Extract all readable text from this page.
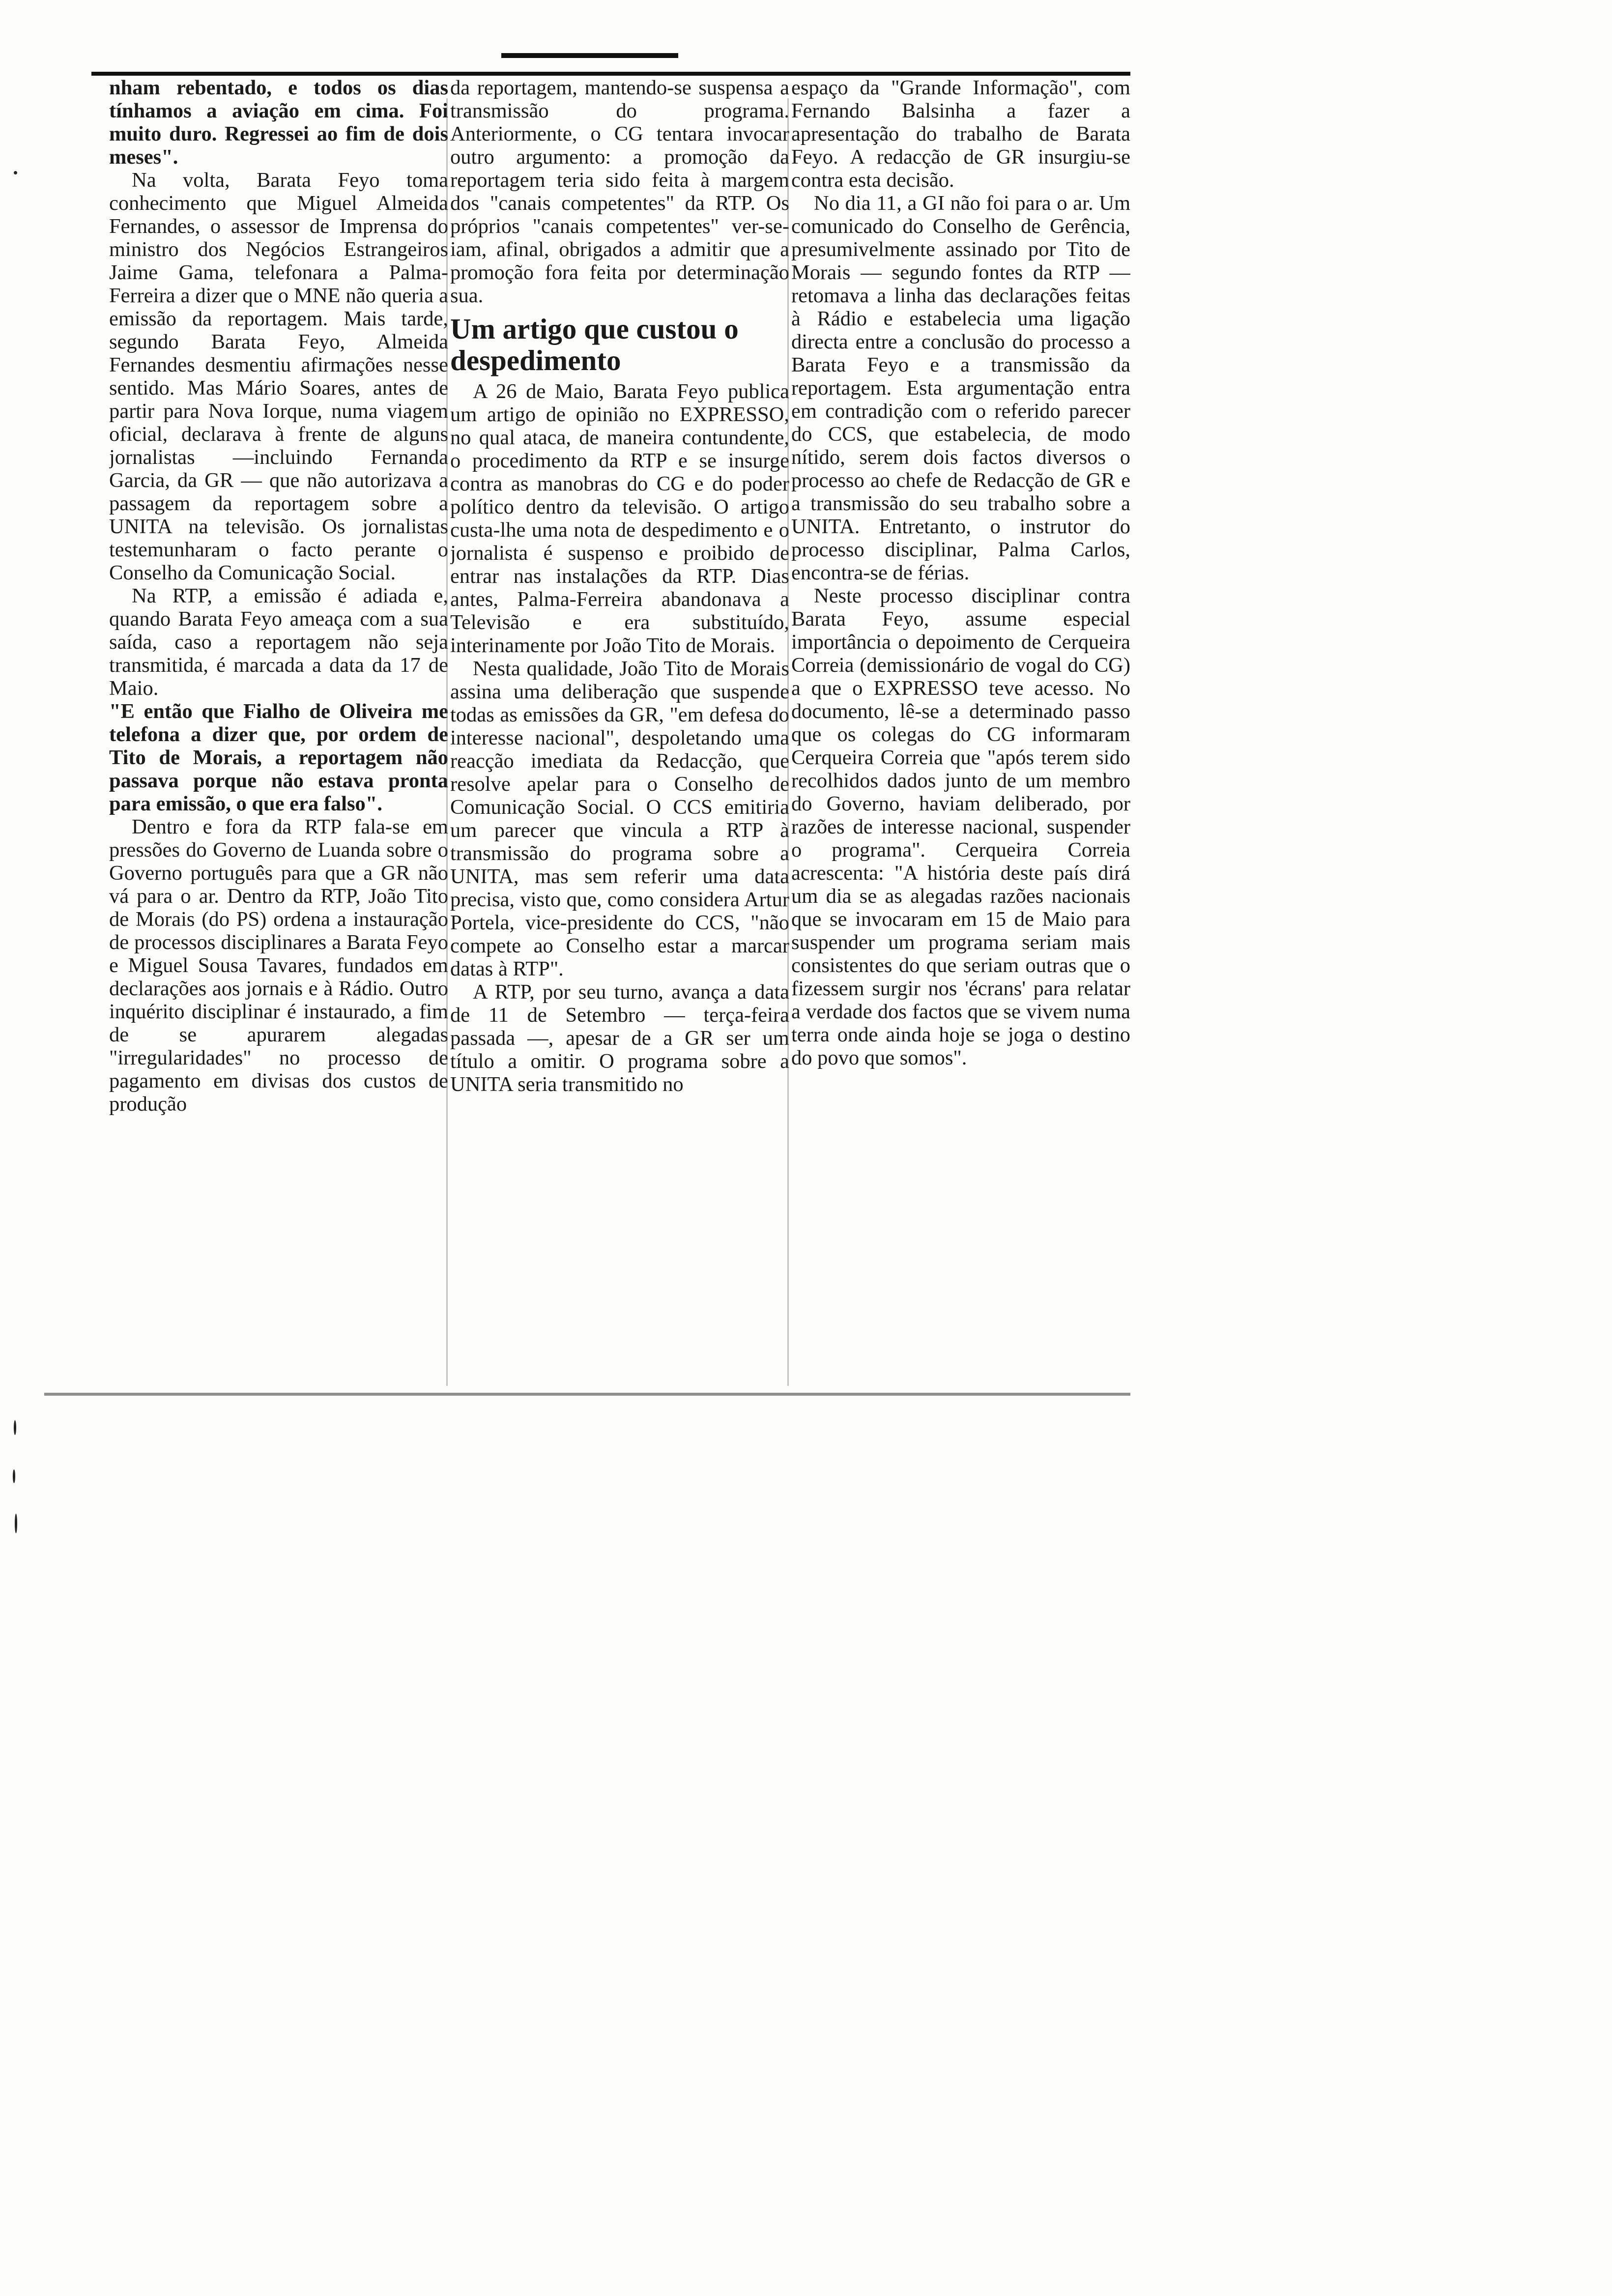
nham rebentado, e todos os dias tínhamos a aviação em cima. Foi muito duro. Regressei ao fim de dois meses".

Na volta, Barata Feyo toma conhecimento que Miguel Almeida Fernandes, o assessor de Imprensa do ministro dos Negócios Estrangeiros Jaime Gama, telefonara a Palma-Ferreira a dizer que o MNE não queria a emissão da reportagem. Mais tarde, segundo Barata Feyo, Almeida Fernandes desmentiu afirmações nesse sentido. Mas Mário Soares, antes de partir para Nova Iorque, numa viagem oficial, declarava à frente de alguns jornalistas —incluindo Fernanda Garcia, da GR — que não autorizava a passagem da reportagem sobre a UNITA na televisão. Os jornalistas testemunharam o facto perante o Conselho da Comunicação Social.

Na RTP, a emissão é adiada e, quando Barata Feyo ameaça com a sua saída, caso a reportagem não seja transmitida, é marcada a data da 17 de Maio.

"E então que Fialho de Oliveira me telefona a dizer que, por ordem de Tito de Morais, a reportagem não passava porque não estava pronta para emissão, o que era falso".

Dentro e fora da RTP fala-se em pressões do Governo de Luanda sobre o Governo português para que a GR não vá para o ar. Dentro da RTP, João Tito de Morais (do PS) ordena a instauração de processos disciplinares a Barata Feyo e Miguel Sousa Tavares, fundados em declarações aos jornais e à Rádio. Outro inquérito disciplinar é instaurado, a fim de se apurarem alegadas "irregularidades" no processo de pagamento em divisas dos custos de produção

da reportagem, mantendo-se suspensa a transmissão do programa. Anteriormente, o CG tentara invocar outro argumento: a promoção da reportagem teria sido feita à margem dos "canais competentes" da RTP. Os próprios "canais competentes" ver-se-iam, afinal, obrigados a admitir que a promoção fora feita por determinação sua.

Um artigo que custou o despedimento

A 26 de Maio, Barata Feyo publica um artigo de opinião no EXPRESSO, no qual ataca, de maneira contundente, o procedimento da RTP e se insurge contra as manobras do CG e do poder político dentro da televisão. O artigo custa-lhe uma nota de despedimento e o jornalista é suspenso e proibido de entrar nas instalações da RTP. Dias antes, Palma-Ferreira abandonava a Televisão e era substituído, interinamente por João Tito de Morais.

Nesta qualidade, João Tito de Morais assina uma deliberação que suspende todas as emissões da GR, "em defesa do interesse nacional", despoletando uma reacção imediata da Redacção, que resolve apelar para o Conselho de Comunicação Social. O CCS emitiria um parecer que vincula a RTP à transmissão do programa sobre a UNITA, mas sem referir uma data precisa, visto que, como considera Artur Portela, vice-presidente do CCS, "não compete ao Conselho estar a marcar datas à RTP".

A RTP, por seu turno, avança a data de 11 de Setembro — terça-feira passada —, apesar de a GR ser um título a omitir. O programa sobre a UNITA seria transmitido no

espaço da "Grande Informação", com Fernando Balsinha a fazer a apresentação do trabalho de Barata Feyo. A redacção de GR insurgiu-se contra esta decisão.

No dia 11, a GI não foi para o ar. Um comunicado do Conselho de Gerência, presumivelmente assinado por Tito de Morais — segundo fontes da RTP — retomava a linha das declarações feitas à Rádio e estabelecia uma ligação directa entre a conclusão do processo a Barata Feyo e a transmissão da reportagem. Esta argumentação entra em contradição com o referido parecer do CCS, que estabelecia, de modo nítido, serem dois factos diversos o processo ao chefe de Redacção de GR e a transmissão do seu trabalho sobre a UNITA. Entretanto, o instrutor do processo disciplinar, Palma Carlos, encontra-se de férias.

Neste processo disciplinar contra Barata Feyo, assume especial importância o depoimento de Cerqueira Correia (demissionário de vogal do CG) a que o EXPRESSO teve acesso. No documento, lê-se a determinado passo que os colegas do CG informaram Cerqueira Correia que "após terem sido recolhidos dados junto de um membro do Governo, haviam deliberado, por razões de interesse nacional, suspender o programa". Cerqueira Correia acrescenta: "A história deste país dirá um dia se as alegadas razões nacionais que se invocaram em 15 de Maio para suspender um programa seriam mais consistentes do que seriam outras que o fizessem surgir nos 'écrans' para relatar a verdade dos factos que se vivem numa terra onde ainda hoje se joga o destino do povo que somos".
